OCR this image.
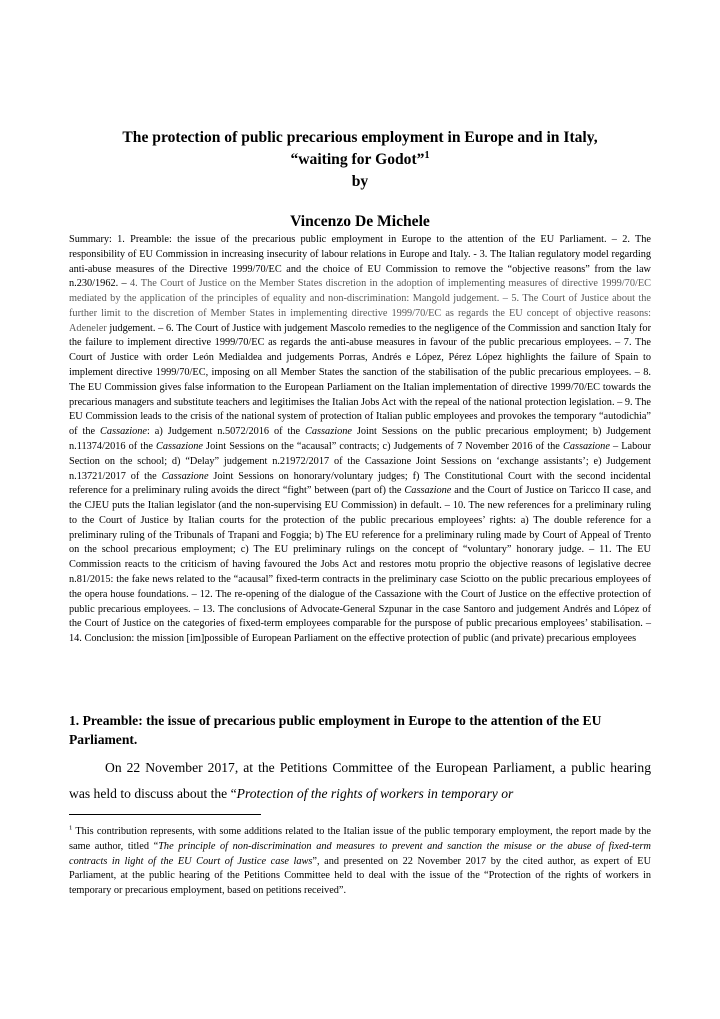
The protection of public precarious employment in Europe and in Italy,
“waiting for Godot”$^1$
by
Vincenzo De Michele
Summary: 1. Preamble: the issue of the precarious public employment in Europe to the attention of the EU Parliament. – 2. The responsibility of EU Commission in increasing insecurity of labour relations in Europe and Italy. - 3. The Italian regulatory model regarding anti-abuse measures of the Directive 1999/70/EC and the choice of EU Commission to remove the “objective reasons” from the law n.230/1962. – 4. The Court of Justice on the Member States discretion in the adoption of implementing measures of directive 1999/70/EC mediated by the application of the principles of equality and non-discrimination: Mangold judgement. – 5. The Court of Justice about the further limit to the discretion of Member States in implementing directive 1999/70/EC as regards the EU concept of objective reasons: Adeneler judgement. – 6. The Court of Justice with judgement Mascolo remedies to the negligence of the Commission and sanction Italy for the failure to implement directive 1999/70/EC as regards the anti-abuse measures in favour of the public precarious employees. – 7. The Court of Justice with order León Medialdea and judgements Porras, Andrés e López, Pérez López highlights the failure of Spain to implement directive 1999/70/EC, imposing on all Member States the sanction of the stabilisation of the public precarious employees. – 8. The EU Commission gives false information to the European Parliament on the Italian implementation of directive 1999/70/EC towards the precarious managers and substitute teachers and legitimises the Italian Jobs Act with the repeal of the national protection legislation. – 9. The EU Commission leads to the crisis of the national system of protection of Italian public employees and provokes the temporary “autodichia” of the Cassazione: a) Judgement n.5072/2016 of the Cassazione Joint Sessions on the public precarious employment; b) Judgement n.11374/2016 of the Cassazione Joint Sessions on the “acausal” contracts; c) Judgements of 7 November 2016 of the Cassazione – Labour Section on the school; d) “Delay” judgement n.21972/2017 of the Cassazione Joint Sessions on ‘exchange assistants’; e) Judgement n.13721/2017 of the Cassazione Joint Sessions on honorary/voluntary judges; f) The Constitutional Court with the second incidental reference for a preliminary ruling avoids the direct “fight” between (part of) the Cassazione and the Court of Justice on Taricco II case, and the CJEU puts the Italian legislator (and the non-supervising EU Commission) in default. – 10. The new references for a preliminary ruling to the Court of Justice by Italian courts for the protection of the public precarious employees’ rights: a) The double reference for a preliminary ruling of the Tribunals of Trapani and Foggia; b) The EU reference for a preliminary ruling made by Court of Appeal of Trento on the school precarious employment; c) The EU preliminary rulings on the concept of “voluntary” honorary judge. – 11. The EU Commission reacts to the criticism of having favoured the Jobs Act and restores motu proprio the objective reasons of legislative decree n.81/2015: the fake news related to the “acausal” fixed-term contracts in the preliminary case Sciotto on the public precarious employees of the opera house foundations. – 12. The re-opening of the dialogue of the Cassazione with the Court of Justice on the effective protection of public precarious employees. – 13. The conclusions of Advocate-General Szpunar in the case Santoro and judgement Andrés and López of the Court of Justice on the categories of fixed-term employees comparable for the purspose of public precarious employees’ stabilisation. – 14. Conclusion: the mission [im]possible of European Parliament on the effective protection of public (and private) precarious employees
1. Preamble: the issue of precarious public employment in Europe to the attention of the EU Parliament.
On 22 November 2017, at the Petitions Committee of the European Parliament, a public hearing was held to discuss about the “Protection of the rights of workers in temporary or
$^1$ This contribution represents, with some additions related to the Italian issue of the public temporary employment, the report made by the same author, titled “The principle of non-discrimination and measures to prevent and sanction the misuse or the abuse of fixed-term contracts in light of the EU Court of Justice case laws”, and presented on 22 November 2017 by the cited author, as expert of EU Parliament, at the public hearing of the Petitions Committee held to deal with the issue of the “Protection of the rights of workers in temporary or precarious employment, based on petitions received”.
